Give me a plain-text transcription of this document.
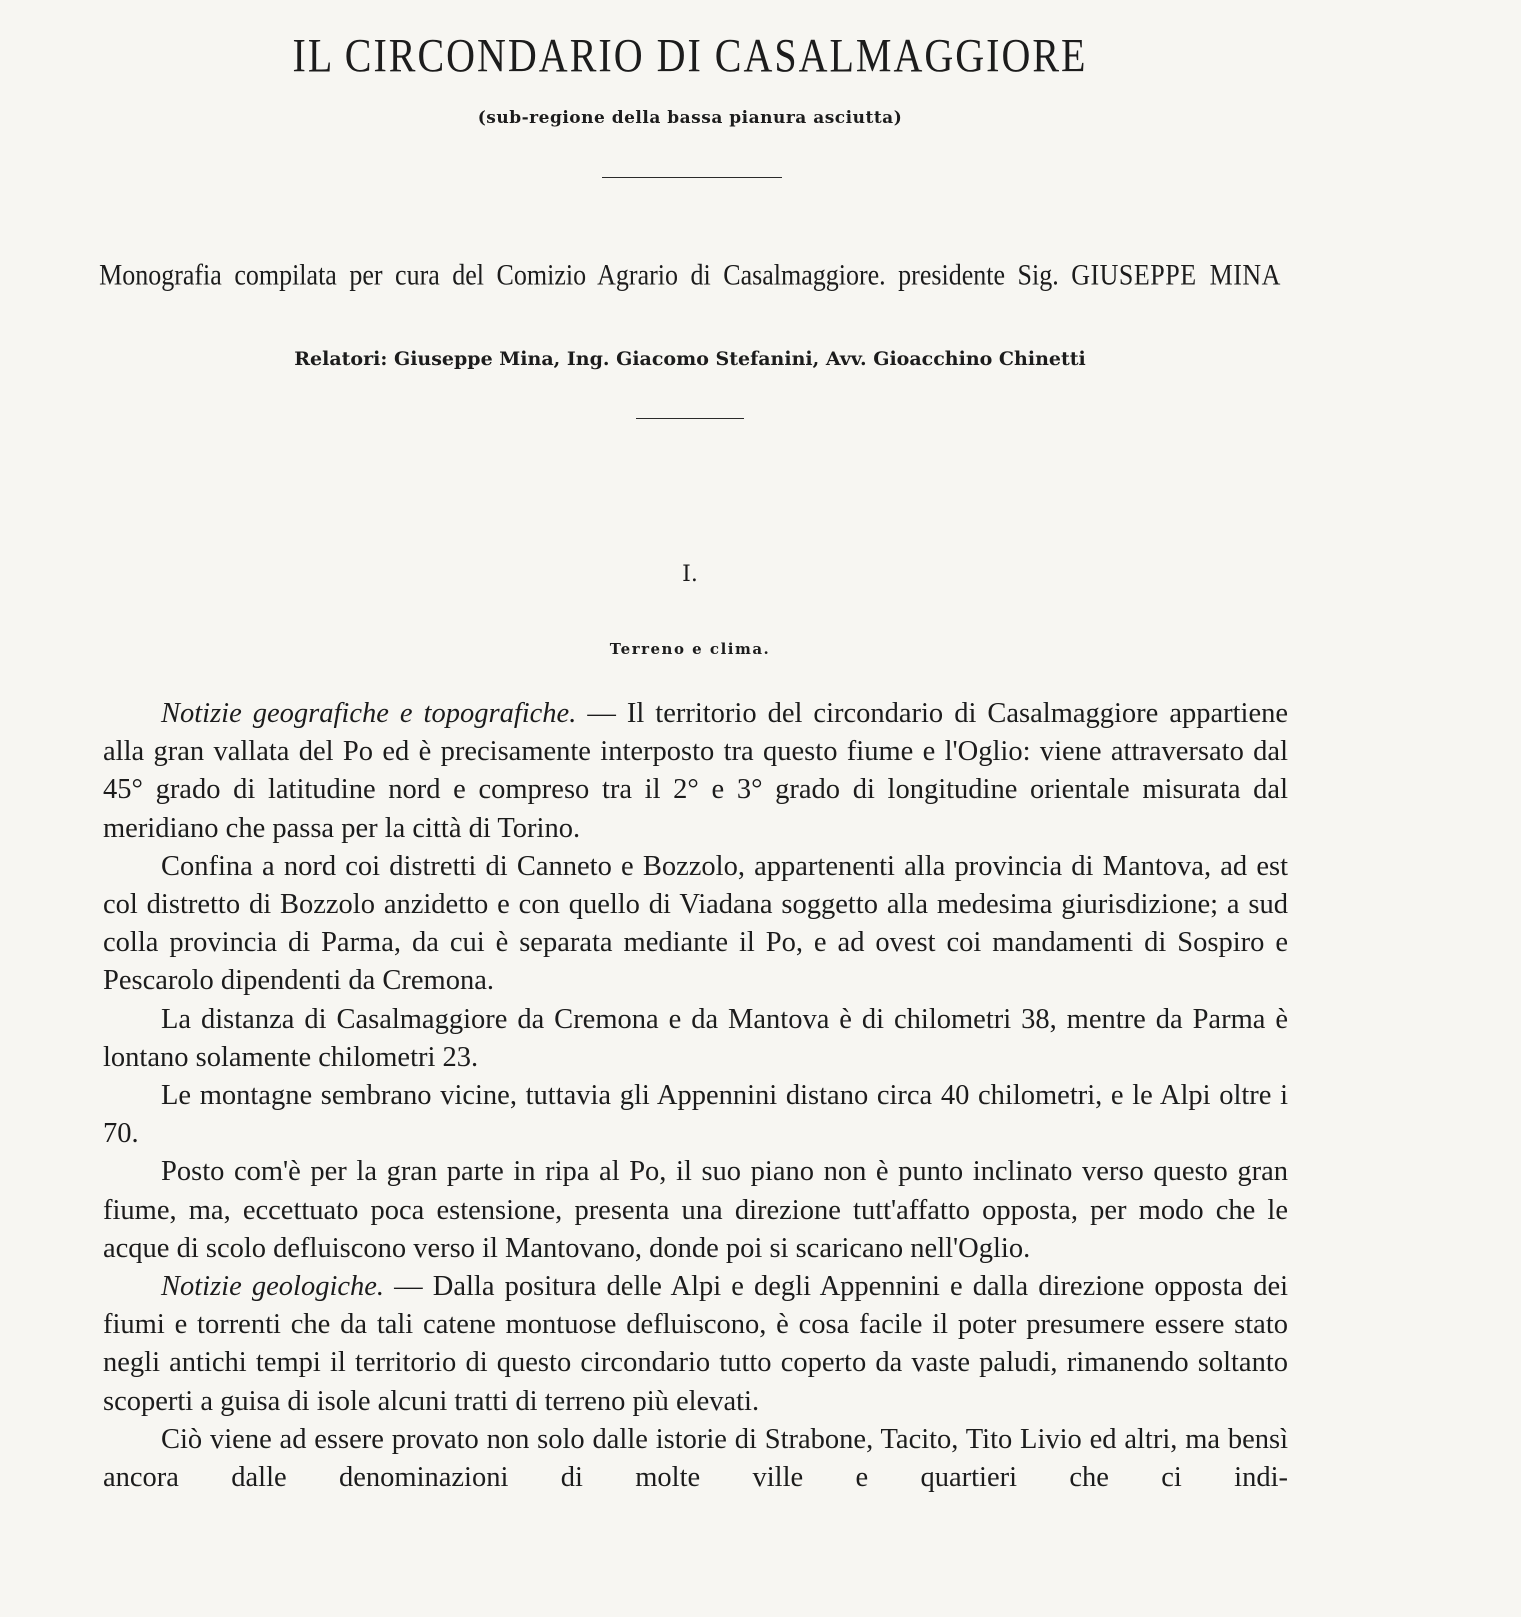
IL CIRCONDARIO DI CASALMAGGIORE
(sub-regione della bassa pianura asciutta)
Monografia compilata per cura del Comizio Agrario di Casalmaggiore. presidente Sig. GIUSEPPE MINA
Relatori: Giuseppe Mina, Ing. Giacomo Stefanini, Avv. Gioacchino Chinetti
I.
Terreno e clima.

Notizie geografiche e topografiche. — Il territorio del circondario di Casalmaggiore appartiene alla gran vallata del Po ed è precisamente interposto tra questo fiume e l'Oglio: viene attraversato dal 45° grado di latitudine nord e compreso tra il 2° e 3° grado di longitudine orientale misurata dal meridiano che passa per la città di Torino.

Confina a nord coi distretti di Canneto e Bozzolo, appartenenti alla provincia di Mantova, ad est col distretto di Bozzolo anzidetto e con quello di Viadana soggetto alla medesima giurisdizione; a sud colla provincia di Parma, da cui è separata mediante il Po, e ad ovest coi mandamenti di Sospiro e Pescarolo dipendenti da Cremona.

La distanza di Casalmaggiore da Cremona e da Mantova è di chilometri 38, mentre da Parma è lontano solamente chilometri 23.

Le montagne sembrano vicine, tuttavia gli Appennini distano circa 40 chilometri, e le Alpi oltre i 70.

Posto com'è per la gran parte in ripa al Po, il suo piano non è punto inclinato verso questo gran fiume, ma, eccettuato poca estensione, presenta una direzione tutt'affatto opposta, per modo che le acque di scolo defluiscono verso il Mantovano, donde poi si scaricano nell'Oglio.

Notizie geologiche. — Dalla positura delle Alpi e degli Appennini e dalla direzione opposta dei fiumi e torrenti che da tali catene montuose defluiscono, è cosa facile il poter presumere essere stato negli antichi tempi il territorio di questo circondario tutto coperto da vaste paludi, rimanendo soltanto scoperti a guisa di isole alcuni tratti di terreno più elevati.

Ciò viene ad essere provato non solo dalle istorie di Strabone, Tacito, Tito Livio ed altri, ma bensì ancora dalle denominazioni di molte ville e quartieri che ci indi-
